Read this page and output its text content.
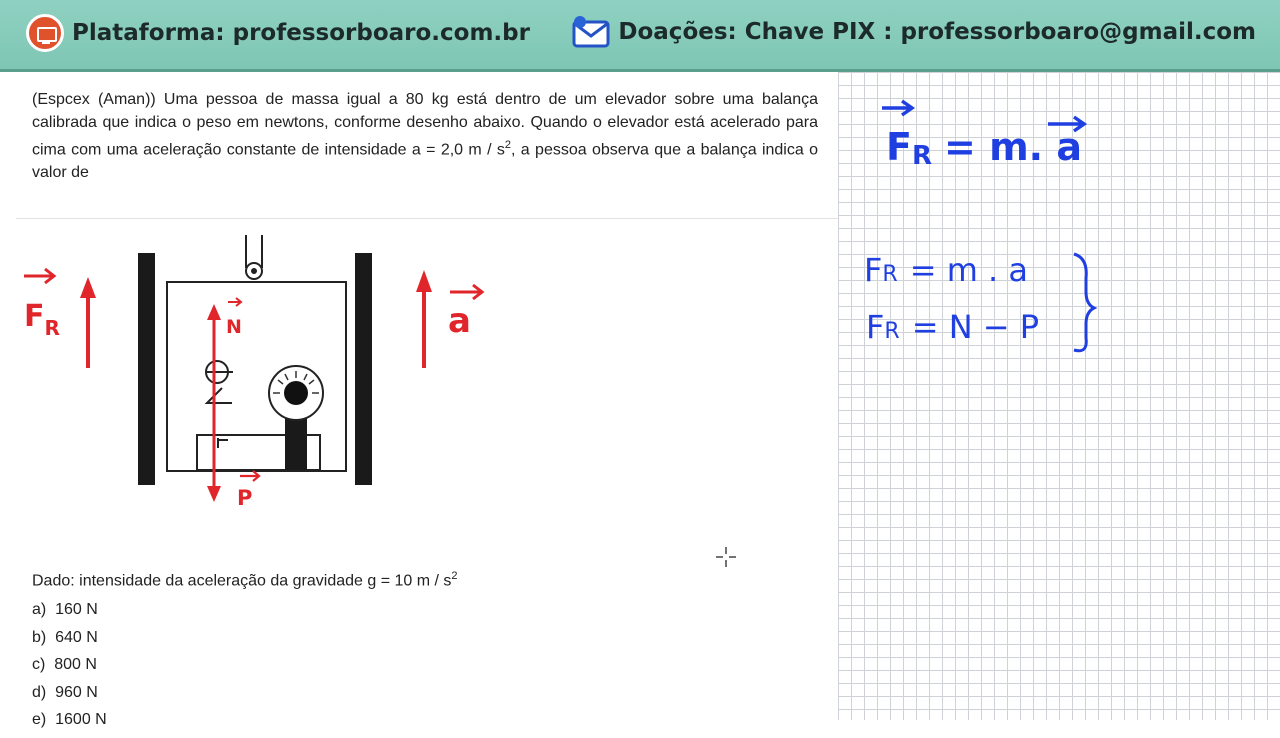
Plataforma: professorboaro.com.br	Doações: Chave PIX : professorboaro@gmail.com
(Espcex (Aman)) Uma pessoa de massa igual a 80 kg está dentro de um elevador sobre uma balança calibrada que indica o peso em newtons, conforme desenho abaixo. Quando o elevador está acelerado para cima com uma aceleração constante de intensidade a = 2,0 m / $s^2$, a pessoa observa que a balança indica o valor de
N
P
$F_R$	a
Dado: intensidade da aceleração da gravidade g = 10 m / $s^2$
a) 160 N
b) 640 N
c) 800 N
d) 960 N
e) 1600 N
FR = m. a
FR = m . a
FR = N − P
